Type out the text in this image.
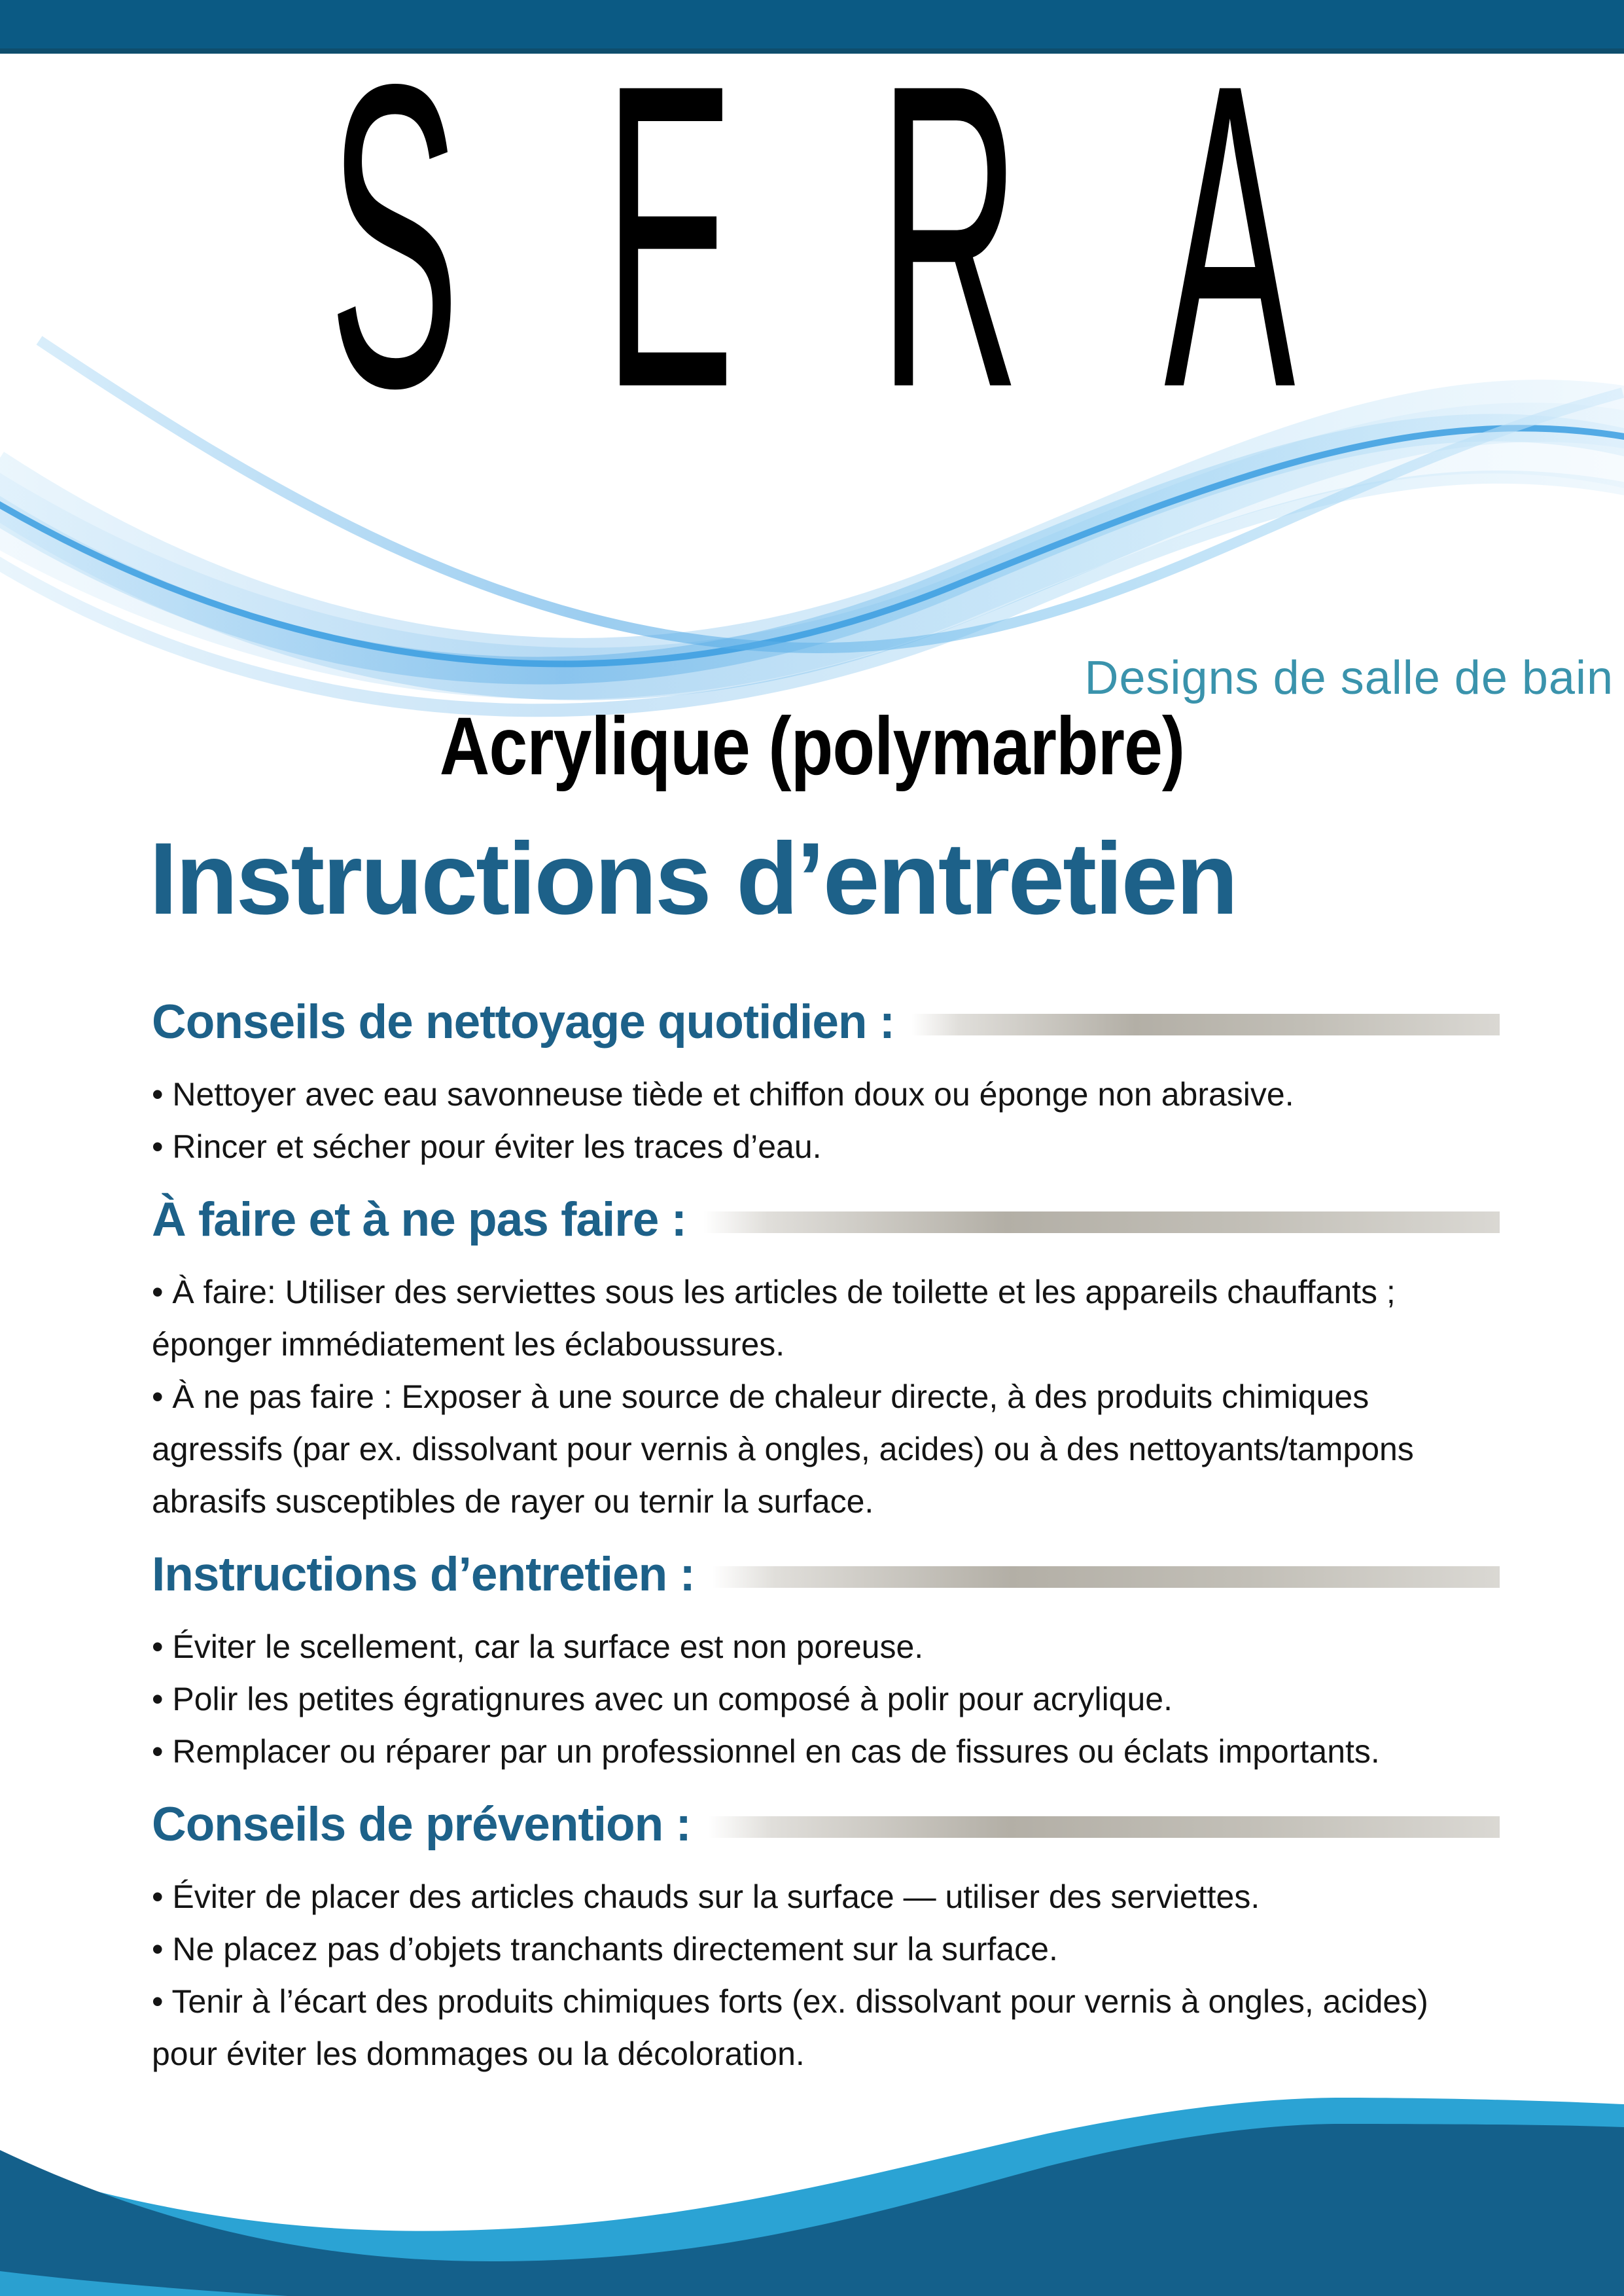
SERA
Designs de salle de bain
Acrylique (polymarbre)
Instructions d’entretien
Conseils de nettoyage quotidien :

• Nettoyer avec eau savonneuse tiède et chiffon doux ou éponge non abrasive.

• Rincer et sécher pour éviter les traces d’eau.

À faire et à ne pas faire :

• À faire: Utiliser des serviettes sous les articles de toilette et les appareils chauffants ; éponger immédiatement les éclaboussures.

• À ne pas faire : Exposer à une source de chaleur directe, à des produits chimiques agressifs (par ex. dissolvant pour vernis à ongles, acides) ou à des nettoyants/tampons abrasifs susceptibles de rayer ou ternir la surface.

Instructions d’entretien :

• Éviter le scellement, car la surface est non poreuse.

• Polir les petites égratignures avec un composé à polir pour acrylique.

• Remplacer ou réparer par un professionnel en cas de fissures ou éclats importants.

Conseils de prévention :

• Éviter de placer des articles chauds sur la surface — utiliser des serviettes.

• Ne placez pas d’objets tranchants directement sur la surface.

• Tenir à l’écart des produits chimiques forts (ex. dissolvant pour vernis à ongles, acides) pour éviter les dommages ou la décoloration.
